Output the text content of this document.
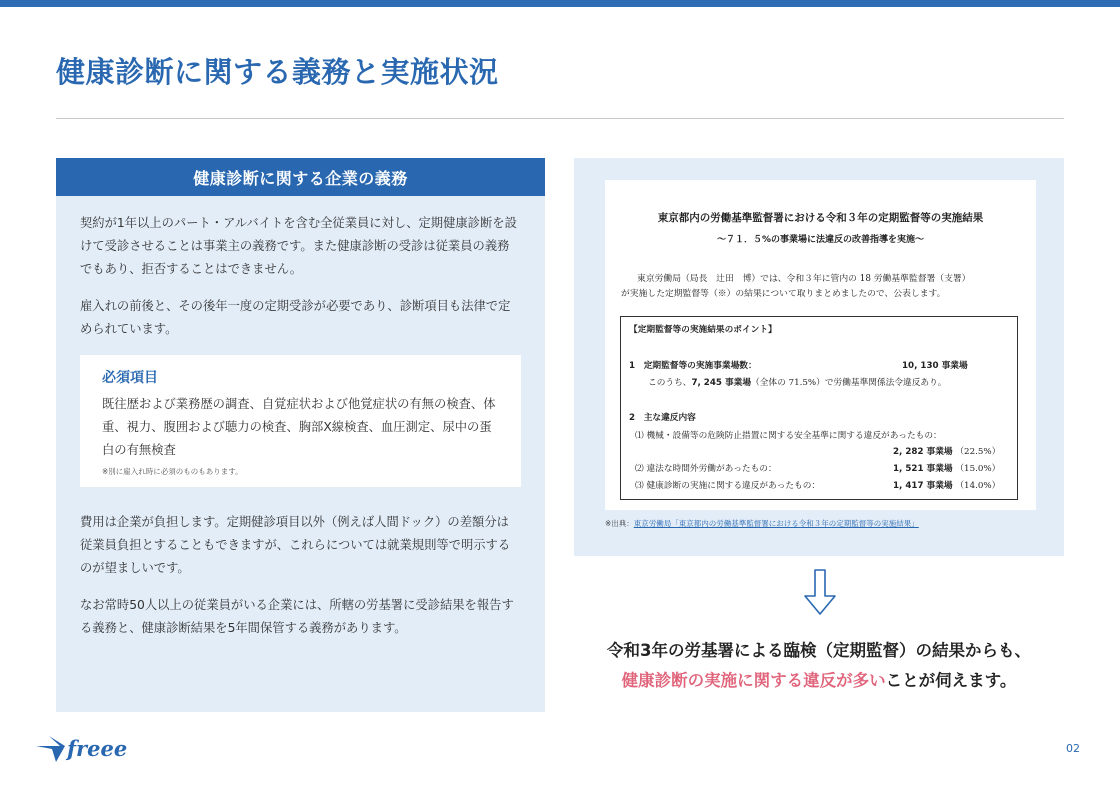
健康診断に関する義務と実施状況
健康診断に関する企業の義務

契約が1年以上のパート・アルバイトを含む全従業員に対し、定期健康診断を設けて受診させることは事業主の義務です。また健康診断の受診は従業員の義務でもあり、拒否することはできません。

雇入れの前後と、その後年一度の定期受診が必要であり、診断項目も法律で定められています。

必須項目

既往歴および業務歴の調査、自覚症状および他覚症状の有無の検査、体重、視力、腹囲および聴力の検査、胸部X線検査、血圧測定、尿中の蛋白の有無検査

※別に雇入れ時に必須のものもあります。

費用は企業が負担します。定期健診項目以外（例えば人間ドック）の差額分は従業員負担とすることもできますが、これらについては就業規則等で明示するのが望ましいです。

なお常時50人以上の従業員がいる企業には、所轄の労基署に受診結果を報告する義務と、健康診断結果を5年間保管する義務があります。

東京都内の労働基準監督署における令和３年の定期監督等の実施結果
～７１．５%の事業場に法違反の改善指導を実施～

東京労働局（局長　辻田　博）では、令和３年に管内の 18 労働基準監督署（支署）
が実施した定期監督等（※）の結果について取りまとめましたので、公表します。

【定期監督等の実施結果のポイント】
1　定期監督等の実施事業場数：	10, 130 事業場
このうち、7, 245 事業場（全体の 71.5%）で労働基準関係法令違反あり。
2　主な違反内容
⑴ 機械・設備等の危険防止措置に関する安全基準に関する違反があったもの：
2, 282 事業場 （22.5%）
⑵ 違法な時間外労働があったもの：	1, 521 事業場 （15.0%）
⑶ 健康診断の実施に関する違反があったもの：	1, 417 事業場 （14.0%）
※出典：東京労働局「東京都内の労働基準監督署における令和３年の定期監督等の実施結果」
令和3年の労基署による臨検（定期監督）の結果からも、
健康診断の実施に関する違反が多いことが伺えます。
freee	02
